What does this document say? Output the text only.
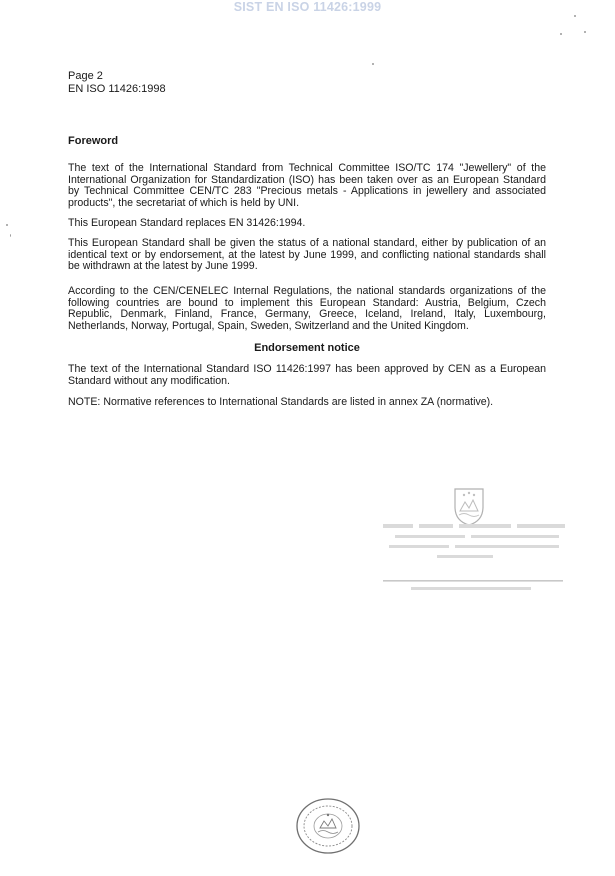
SIST EN ISO 11426:1999
Page 2
EN ISO 11426:1998
Foreword

The text of the International Standard from Technical Committee ISO/TC 174 "Jewellery" of the International Organization for Standardization (ISO) has been taken over as an European Standard by Technical Committee CEN/TC 283 "Precious metals - Applications in jewellery and associated products", the secretariat of which is held by UNI.

This European Standard replaces EN 31426:1994.

This European Standard shall be given the status of a national standard, either by publication of an identical text or by endorsement, at the latest by June 1999, and conflicting national standards shall be withdrawn at the latest by June 1999.

According to the CEN/CENELEC Internal Regulations, the national standards organizations of the following countries are bound to implement this European Standard: Austria, Belgium, Czech Republic, Denmark, Finland, France, Germany, Greece, Iceland, Ireland, Italy, Luxembourg, Netherlands, Norway, Portugal, Spain, Sweden, Switzerland and the United Kingdom.

Endorsement notice

The text of the International Standard ISO 11426:1997 has been approved by CEN as a European Standard without any modification.

NOTE: Normative references to International Standards are listed in annex ZA (normative).
